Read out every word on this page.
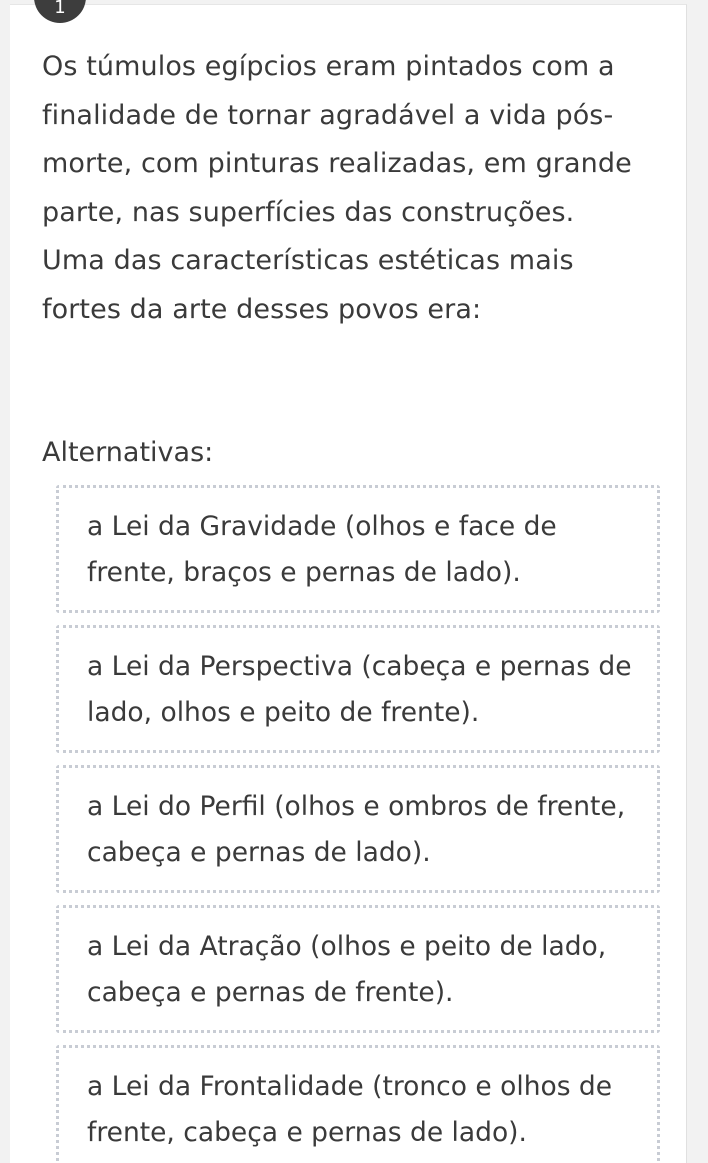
1

Os túmulos egípcios eram pintados com a finalidade de tornar agradável a vida pós-morte, com pinturas realizadas, em grande parte, nas superfícies das construções. Uma das características estéticas mais fortes da arte desses povos era:

Alternativas:

a Lei da Gravidade (olhos e face de frente, braços e pernas de lado).
a Lei da Perspectiva (cabeça e pernas de lado, olhos e peito de frente).
a Lei do Perfil (olhos e ombros de frente, cabeça e pernas de lado).
a Lei da Atração (olhos e peito de lado, cabeça e pernas de frente).
a Lei da Frontalidade (tronco e olhos de frente, cabeça e pernas de lado).
